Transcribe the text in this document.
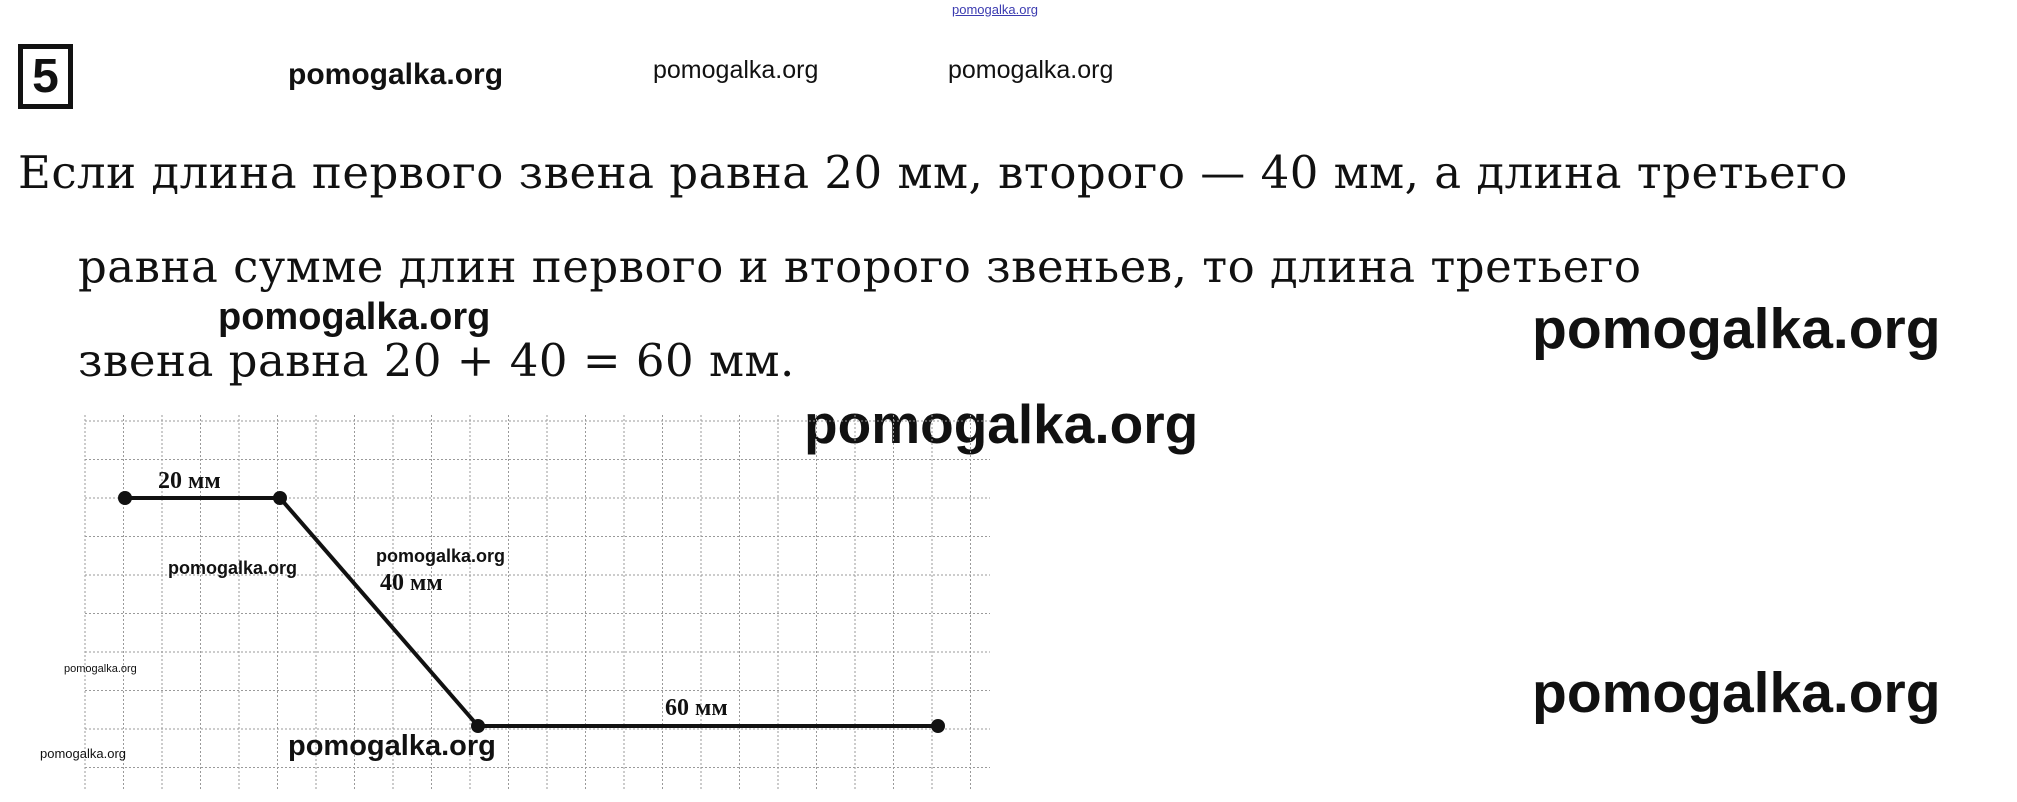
pomogalka.org
5	pomogalka.org	pomogalka.org	pomogalka.org
Если длина первого звена равна 20 мм, второго — 40 мм, а длина третьего
равна сумме длин первого и второго звеньев, то длина третьего
звена равна 20 + 40 = 60 мм.
pomogalka.org	pomogalka.org
pomogalka.org
pomogalka.org
20 мм
40 мм
60 мм
pomogalka.org
pomogalka.org
pomogalka.org
pomogalka.org	pomogalka.org
